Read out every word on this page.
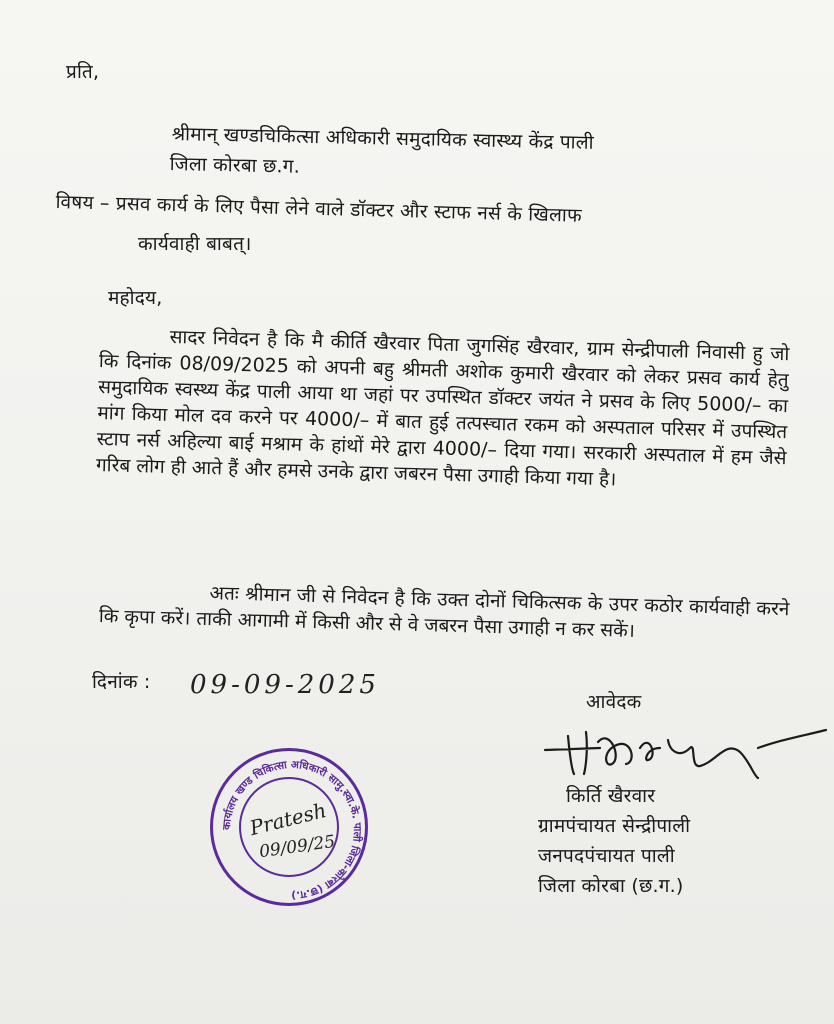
प्रति,
श्रीमान् खण्डचिकित्सा अधिकारी समुदायिक स्वास्थ्य केंद्र पाली
जिला कोरबा छ.ग.
विषय – प्रसव कार्य के लिए पैसा लेने वाले डॉक्टर और स्टाफ नर्स के खिलाफ
कार्यवाही बाबत्।
महोदय,
सादर निवेदन है कि मै कीर्ति खैरवार पिता जुगसिंह खैरवार, ग्राम सेन्द्रीपाली निवासी हु जो कि दिनांक 08/09/2025 को अपनी बहु श्रीमती अशोक कुमारी खैरवार को लेकर प्रसव कार्य हेतु समुदायिक स्वस्थ्य केंद्र पाली आया था जहां पर उपस्थित डॉक्टर जयंत ने प्रसव के लिए 5000/– का मांग किया मोल दव करने पर 4000/– में बात हुई तत्पस्चात रकम को अस्पताल परिसर में उपस्थित स्टाप नर्स अहिल्या बाई मश्राम के हांथों मेरे द्वारा 4000/– दिया गया। सरकारी अस्पताल में हम जैसे गरिब लोग ही आते हैं और हमसे उनके द्वारा जबरन पैसा उगाही किया गया है।
अतः श्रीमान जी से निवेदन है कि उक्त दोनों चिकित्सक के उपर कठोर कार्यवाही करने कि कृपा करें। ताकी आगामी में किसी और से वे जबरन पैसा उगाही न कर सकें।
दिनांक : 09-09-2025
आवेदक
किर्ति खैरवार
ग्रामपंचायत सेन्द्रीपाली
जनपदपंचायत पाली
जिला कोरबा (छ.ग.)
कार्यालय खण्ड चिकित्सा अधिकारी सामु.स्वा.के. पाली जिला-कोरबा (छ.ग.)
Pratesh
09/09/25
